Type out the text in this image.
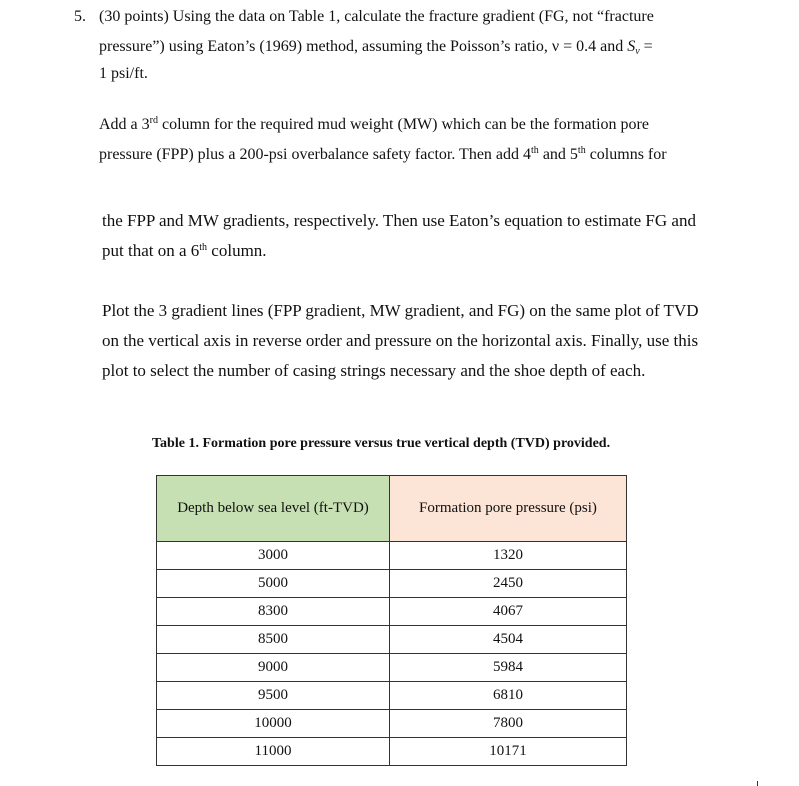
5. (30 points) Using the data on Table 1, calculate the fracture gradient (FG, not “fracture
pressure”) using Eaton’s (1969) method, assuming the Poisson’s ratio, ν = 0.4 and $S_v$ =
1 psi/ft.
Add a 3rd column for the required mud weight (MW) which can be the formation pore
pressure (FPP) plus a 200-psi overbalance safety factor. Then add 4th and 5th columns for
the FPP and MW gradients, respectively. Then use Eaton’s equation to estimate FG and
put that on a 6th column.
Plot the 3 gradient lines (FPP gradient, MW gradient, and FG) on the same plot of TVD
on the vertical axis in reverse order and pressure on the horizontal axis. Finally, use this
plot to select the number of casing strings necessary and the shoe depth of each.
Table 1. Formation pore pressure versus true vertical depth (TVD) provided.
Depth below sea level (ft-TVD)	Formation pore pressure (psi)
3000	1320
5000	2450
8300	4067
8500	4504
9000	5984
9500	6810
10000	7800
11000	10171
